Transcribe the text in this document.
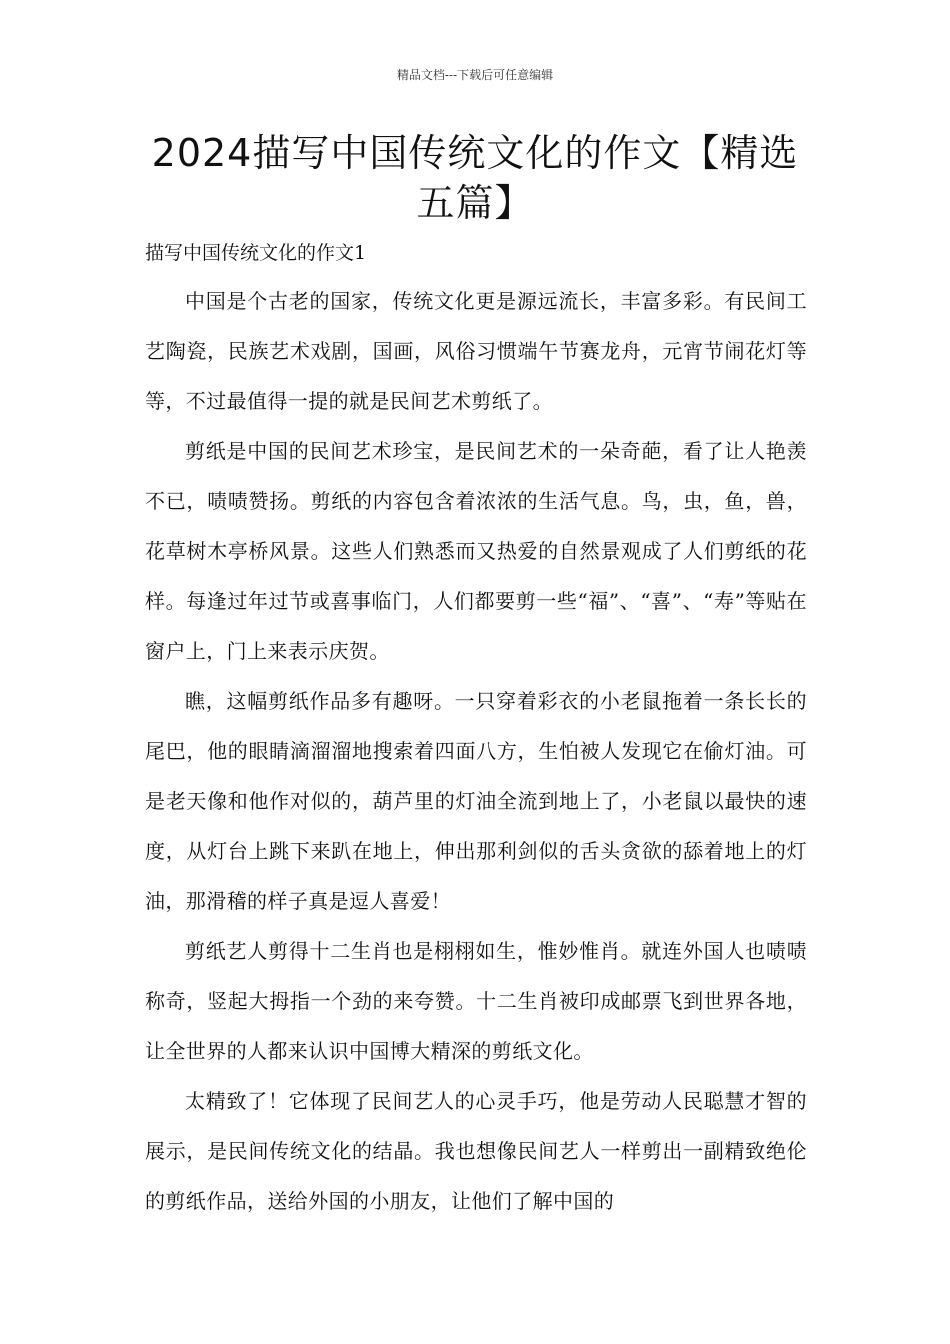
精品文档---下载后可任意编辑
2024描写中国传统文化的作文【精选五篇】
描写中国传统文化的作文1

中国是个古老的国家，传统文化更是源远流长，丰富多彩。有民间工艺陶瓷，民族艺术戏剧，国画，风俗习惯端午节赛龙舟，元宵节闹花灯等等，不过最值得一提的就是民间艺术剪纸了。

剪纸是中国的民间艺术珍宝，是民间艺术的一朵奇葩，看了让人艳羡不已，啧啧赞扬。剪纸的内容包含着浓浓的生活气息。鸟，虫，鱼，兽，花草树木亭桥风景。这些人们熟悉而又热爱的自然景观成了人们剪纸的花样。每逢过年过节或喜事临门，人们都要剪一些“福”、“喜”、“寿”等贴在窗户上，门上来表示庆贺。

瞧，这幅剪纸作品多有趣呀。一只穿着彩衣的小老鼠拖着一条长长的尾巴，他的眼睛滴溜溜地搜索着四面八方，生怕被人发现它在偷灯油。可是老天像和他作对似的，葫芦里的灯油全流到地上了，小老鼠以最快的速度，从灯台上跳下来趴在地上，伸出那利剑似的舌头贪欲的舔着地上的灯油，那滑稽的样子真是逗人喜爱！

剪纸艺人剪得十二生肖也是栩栩如生，惟妙惟肖。就连外国人也啧啧称奇，竖起大拇指一个劲的来夸赞。十二生肖被印成邮票飞到世界各地，让全世界的人都来认识中国博大精深的剪纸文化。

太精致了！它体现了民间艺人的心灵手巧，他是劳动人民聪慧才智的展示，是民间传统文化的结晶。我也想像民间艺人一样剪出一副精致绝伦的剪纸作品，送给外国的小朋友，让他们了解中国的
